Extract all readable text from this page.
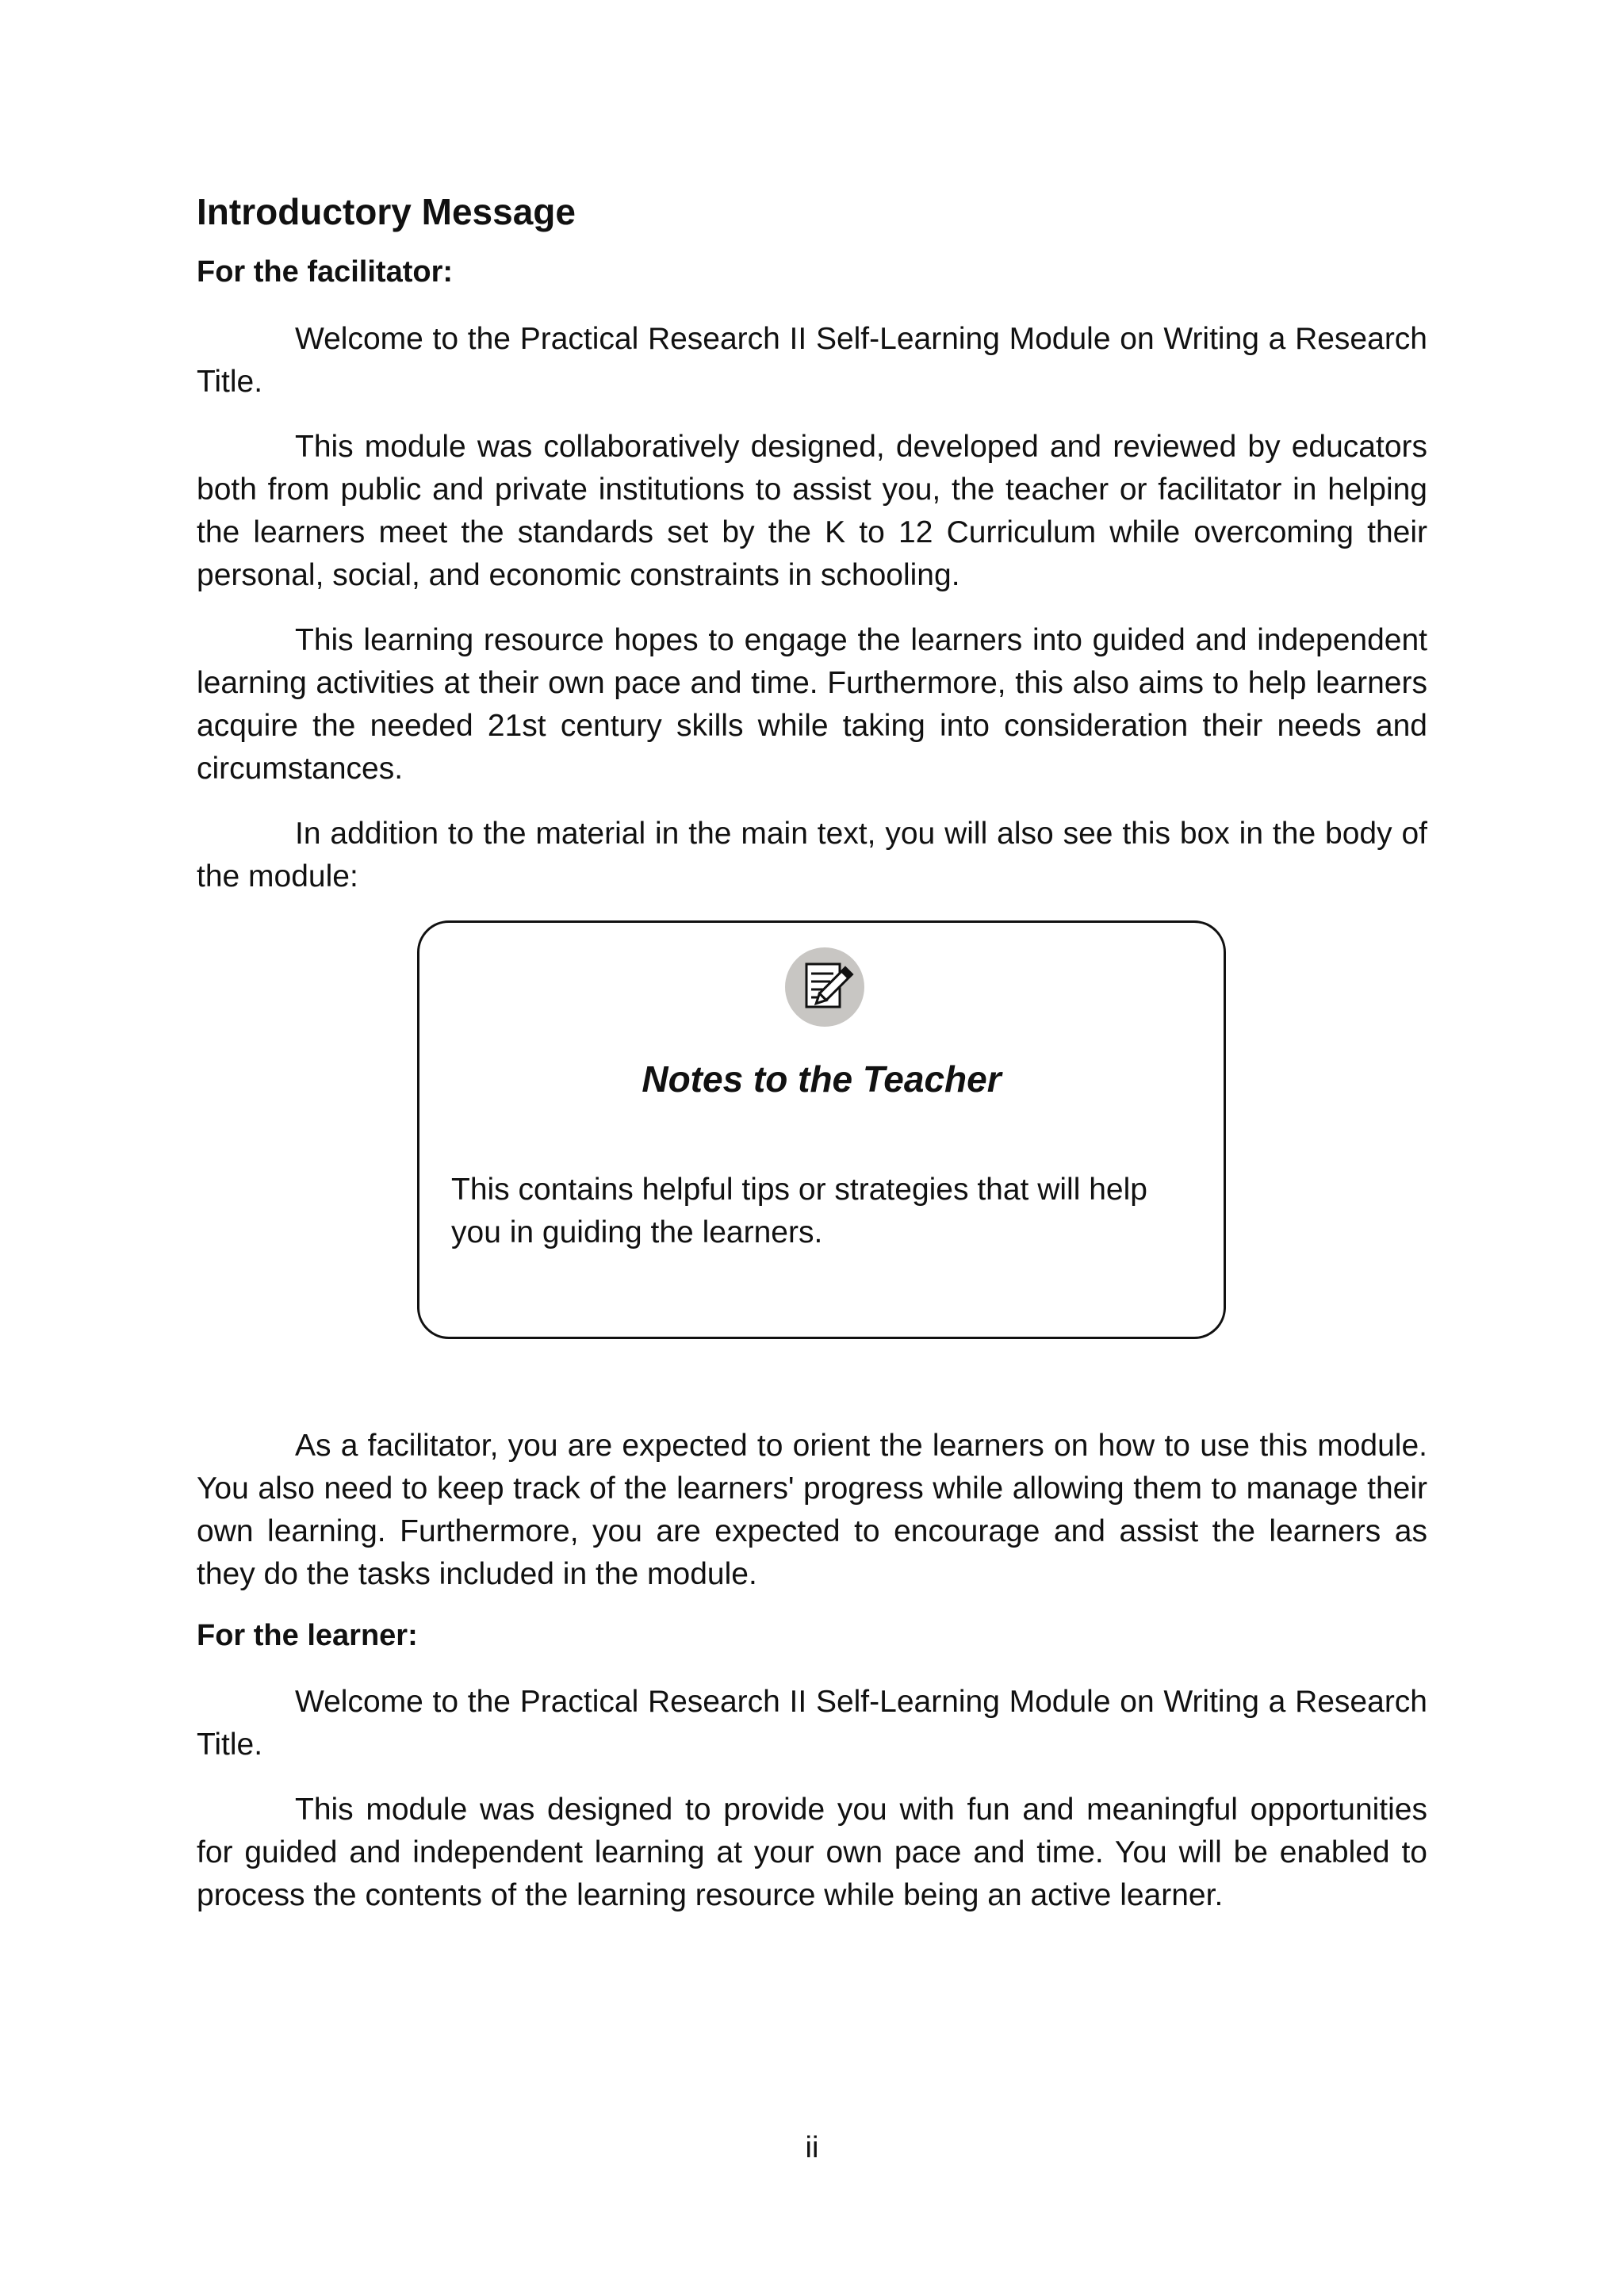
Introductory Message
For the facilitator:

Welcome to the Practical Research II Self-Learning Module on Writing a Research Title.

This module was collaboratively designed, developed and reviewed by educators both from public and private institutions to assist you, the teacher or facilitator in helping the learners meet the standards set by the K to 12 Curriculum while overcoming their personal, social, and economic constraints in schooling.

This learning resource hopes to engage the learners into guided and independent learning activities at their own pace and time. Furthermore, this also aims to help learners acquire the needed 21st century skills while taking into consideration their needs and circumstances.

In addition to the material in the main text, you will also see this box in the body of the module:

Notes to the Teacher
This contains helpful tips or strategies that will help you in guiding the learners.

As a facilitator, you are expected to orient the learners on how to use this module. You also need to keep track of the learners' progress while allowing them to manage their own learning. Furthermore, you are expected to encourage and assist the learners as they do the tasks included in the module.

For the learner:

Welcome to the Practical Research II Self-Learning Module on Writing a Research Title.

This module was designed to provide you with fun and meaningful opportunities for guided and independent learning at your own pace and time. You will be enabled to process the contents of the learning resource while being an active learner.

ii
